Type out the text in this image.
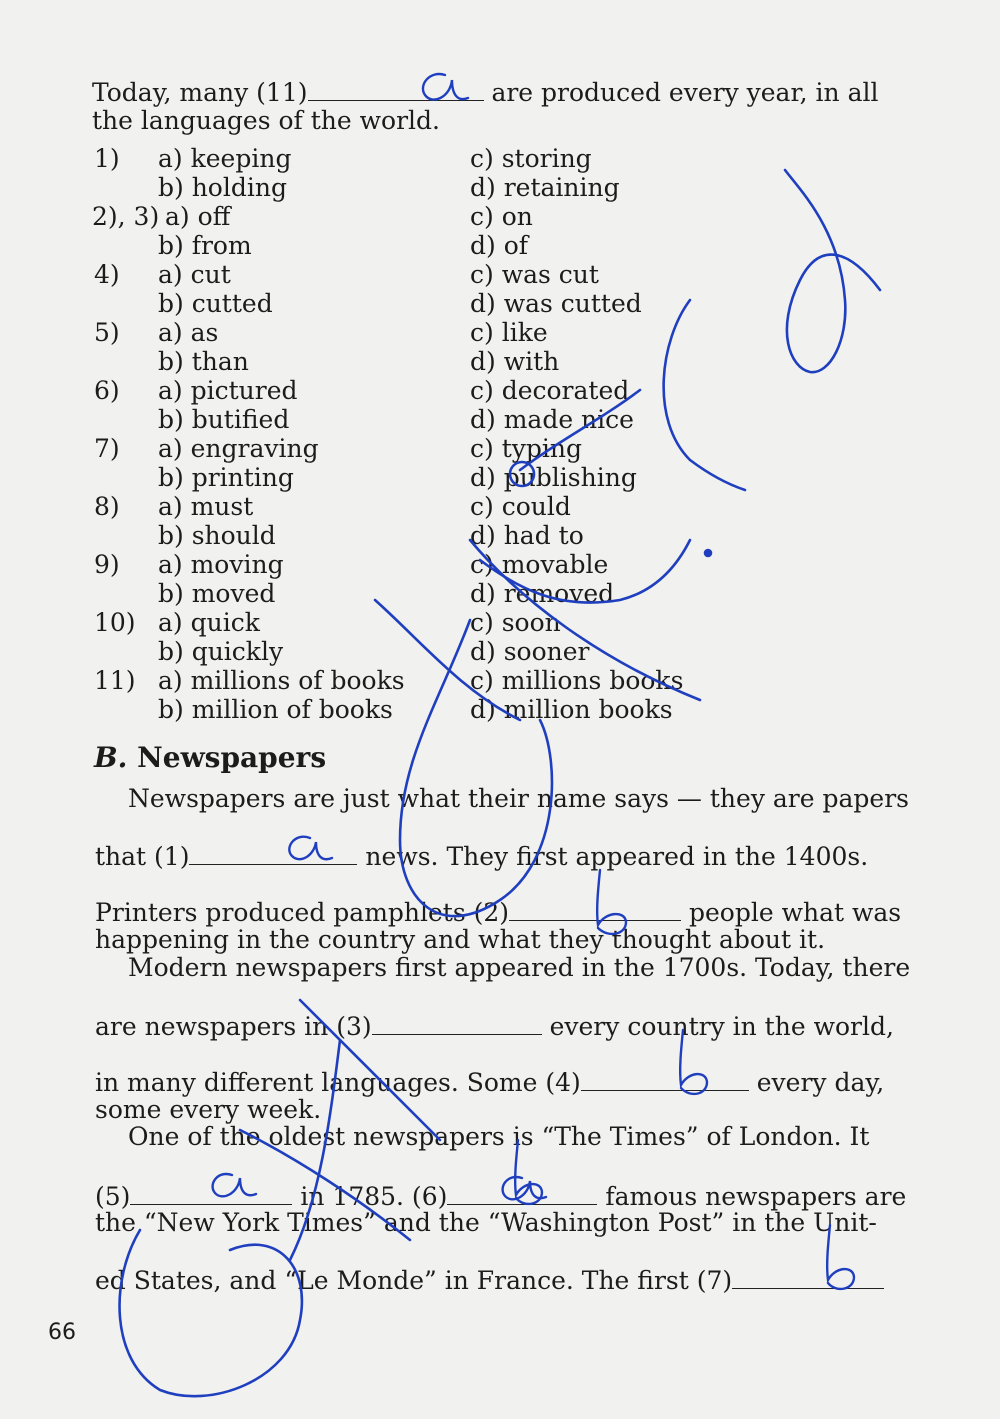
Today, many (11)	are produced every year, in all
the languages of the world.
1) a) keeping
b) holding
c) storing
d) retaining
2), 3) a) off
b) from
c) on
d) of
4) a) cut
b) cutted
c) was cut
d) was cutted
5) a) as
b) than
c) like
d) with
6) a) pictured
b) butified
c) decorated
d) made nice
7) a) engraving
b) printing
c) typing
d) publishing
8) a) must
b) should
c) could
d) had to
9) a) moving
b) moved
c) movable
d) removed
10) a) quick
b) quickly
c) soon
d) sooner
11) a) millions of books
b) million of books
c) millions books
d) million books
B. Newspapers
Newspapers are just what their name says — they are papers
that (1)	news. They first appeared in the 1400s.
Printers produced pamphlets (2)	people what was
happening in the country and what they thought about it.
Modern newspapers first appeared in the 1700s. Today, there
are newspapers in (3)	every country in the world,
in many different languages. Some (4)	every day,
some every week.
One of the oldest newspapers is “The Times” of London. It
(5)	in 1785. (6)	famous newspapers are
the “New York Times” and the “Washington Post” in the Unit-
ed States, and “Le Monde” in France. The first (7)
66
